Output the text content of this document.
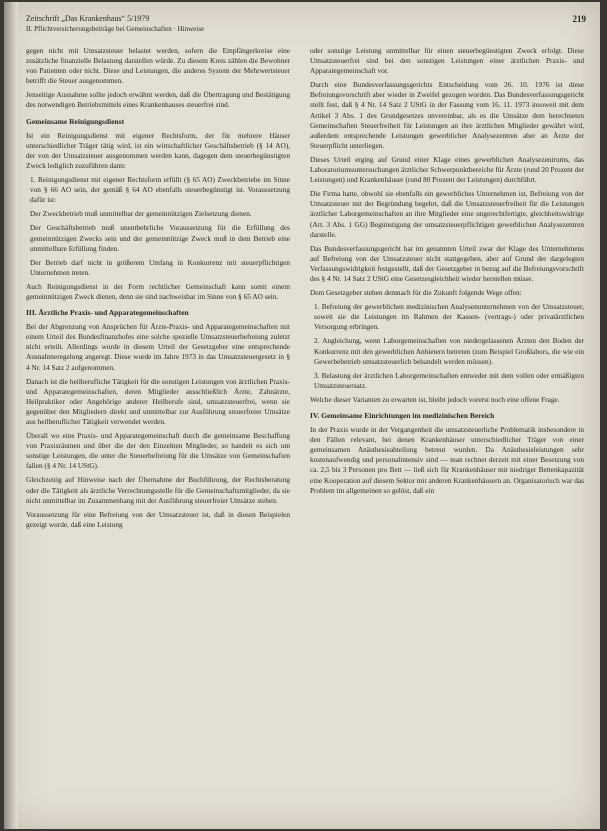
Zeitschrift „Das Krankenhaus“ 5/1979
II. Pflichtversicherungsbeiträge bei Gemeinschaften · Hinweise
219

gegen nicht mit Umsatzsteuer belastet werden, sofern die Empfängerkreise eine zusätzliche finanzielle Belastung darstellen würde. Zu diesem Kreis zählen die Bewohner von Patienten oder nicht. Diese und Leistungen, die anderes System der Mehrwertsteuer betrifft die Steuer ausgenommen.

Jenseitige Ausnahme sollte jedoch erwähnt werden, daß die Übertragung und Bestätigung des notwendigen Betriebsmittels eines Krankenhauses steuerfrei sind.

Gemeinsame Reinigungsdienst

Ist ein Reinigungsdienst mit eigener Rechtsform, der für mehrere Häuser unterschiedlicher Träger tätig wird, ist ein wirtschaftlicher Geschäftsbetrieb (§ 14 AO), der von der Umsatzsteuer ausgenommen werden kann, dagegen dem steuerbegünstigten Zweck lediglich zuzuführen dann:

1. Reinigungsdienst mit eigener Rechtsform erfüllt (§ 65 AO) Zweckbetriebe im Sinne von § 66 AO sein, der gemäß § 64 AO ebenfalls steuerbegünstigt ist. Voraussetzung dafür ist:

Der Zweckbetrieb muß unmittelbar der gemeinnützigen Zielsetzung dienen.

Der Geschäftsbetrieb muß unentbehrliche Voraussetzung für die Erfüllung des gemeinnützigen Zwecks sein und der gemeinnützige Zweck muß in dem Betrieb eine unmittelbare Erfüllung finden.

Der Betrieb darf nicht in größerem Umfang in Konkurrenz mit steuerpflichtigen Unternehmen treten.

Auch Reinigungsdienst in der Form rechtlicher Gemeinschaft kann somit einem gemeinnützigen Zweck dienen, denn sie sind nachweisbar im Sinne von § 65 AO sein.

III. Ärztliche Praxis- und Apparategemeinschaften

Bei der Abgrenzung von Ansprüchen für Ärzte-Praxis- und Apparategemeinschaften mit einem Urteil des Bundesfinanzhofes eine solche spezielle Umsatzsteuerbefreiung zuletzt nicht erteilt. Allerdings wurde in diesem Urteil der Gesetzgeber eine entsprechende Ausnahmeregelung angeregt. Diese wurde im Jahre 1973 in das Umsatzsteuergesetz in § 4 Nr. 14 Satz 2 aufgenommen.

Danach ist die heilberufliche Tätigkeit für die sonstigen Leistungen von ärztlichen Praxis- und Apparategemeinschaften, deren Mitglieder ausschließlich Ärzte, Zahnärzte, Heilpraktiker oder Angehörige anderer Heilberufe sind, umsatzsteuerfrei, wenn sie gegenüber den Mitgliedern direkt und unmittelbar zur Ausführung steuerfreier Umsätze aus heilberuflicher Tätigkeit verwendet werden.

Überall wo eine Praxis- und Apparategemeinschaft durch die gemeinsame Beschaffung von Praxisräumen und über die der den Einzelnen Mitglieder, so handelt es sich um sonstige Leistungen, die unter die Steuerbefreiung für die Umsätze von Gemeinschaften fallen (§ 4 Nr. 14 UStG).

Gleichzeitig auf Hinweise nach der Übernahme der Buchführung, der Rechtsberatung oder die Tätigkeit als ärztliche Verrechnungsstelle für die Gemeinschaftsmitglieder, da sie nicht unmittelbar im Zusammenhang mit der Ausführung steuerfreier Umsätze stehen.

Voraussetzung für eine Befreiung von der Umsatzsteuer ist, daß in diesen Beispielen gezeigt wurde, daß eine Leistung

oder sonstige Leistung unmittelbar für einen steuerbegünstigten Zweck erfolgt. Diese Umsatzsteuerfrei sind bei den sonstigen Leistungen einer ärztlichen Praxis- und Apparategemeinschaft vor.

Durch eine Bundesverfassungsgerichts Entscheidung vom 26. 10. 1976 ist diese Befreiungsvorschrift aber wieder in Zweifel gezogen worden. Das Bundesverfassungsgericht stellt fest, daß § 4 Nr. 14 Satz 2 UStG in der Fassung vom 16. 11. 1973 insoweit mit dem Artikel 3 Abs. 1 des Grundgesetzes unvereinbar, als es die Umsätze dem berechneten Gemeinschaften Steuerfreiheit für Leistungen an ihre ärztlichen Mitglieder gewährt wird, außerdem entsprechende Leistungen gewerblicher Analysezentren aber an Ärzte der Steuerpflicht unterliegen.

Dieses Urteil erging auf Grund einer Klage eines gewerblichen Analysezentrums, das Laboratoriumsuntersuchungen ärztlicher Schwerpunktbereiche für Ärzte (rund 20 Prozent der Leistungen) und Krankenhäuser (rund 80 Prozent der Leistungen) durchführt.

Die Firma hatte, obwohl sie ebenfalls ein gewerbliches Unternehmen ist, Befreiung von der Umsatzsteuer mit der Begründung begehrt, daß die Umsatzsteuerfreiheit für die Leistungen ärztlicher Laborgemeinschaften an ihre Mitglieder eine ungerechtfertigte, gleichheitswidrige (Art. 3 Abs. 1 GG) Begünstigung der umsatzsteuerpflichtigen gewerblichen Analysezentren darstelle.

Das Bundesverfassungsgericht hat im genannten Urteil zwar der Klage des Unternehmens auf Befreiung von der Umsatzsteuer nicht stattgegeben, aber auf Grund der dargelegten Verfassungswidrigkeit festgestellt, daß der Gesetzgeber in bezug auf die Befreiungsvorschrift des § 4 Nr. 14 Satz 2 UStG eine Gesetzesgleichheit wieder herstellen müsse.

Dem Gesetzgeber stehen demnach für die Zukunft folgende Wege offen:

1. Befreiung der gewerblichen medizinischen Analysenunternehmen von der Umsatzsteuer, soweit sie die Leistungen im Rahmen der Kassen- (vertrags-) oder privatärztlichen Versorgung erbringen.

2. Angleichung, wenn Laborgemeinschaften von niedergelassenen Ärzten den Boden der Konkurrenz mit den gewerblichen Anbietern betreten (zum Beispiel Großlabors, die wie ein Gewerbebetrieb umsatzsteuerlich behandelt werden müssen).

3. Belastung der ärztlichen Laborgemeinschaften entweder mit dem vollen oder ermäßigten Umsatzsteuersatz.

Welche dieser Varianten zu erwarten ist, bleibt jedoch vorerst noch eine offene Frage.

IV. Gemeinsame Einrichtungen im medizinischen Bereich

In der Praxis wurde in der Vergangenheit die umsatzsteuerliche Problematik insbesondere in den Fällen relevant, bei denen Krankenhäuser unterschiedlicher Träger von einer gemeinsamen Anästhesieabteilung betreut wurden. Da Anästhesieleistungen sehr kostenaufwendig und personalintensiv sind — man rechnet derzeit mit einer Besetzung von ca. 2,5 bis 3 Personen pro Bett — ließ sich für Krankenhäuser mit niedriger Bettenkapazität eine Kooperation auf diesem Sektor mit anderen Krankenhäusern an. Organisatorisch war das Problem im allgemeinen so gelöst, daß ein
